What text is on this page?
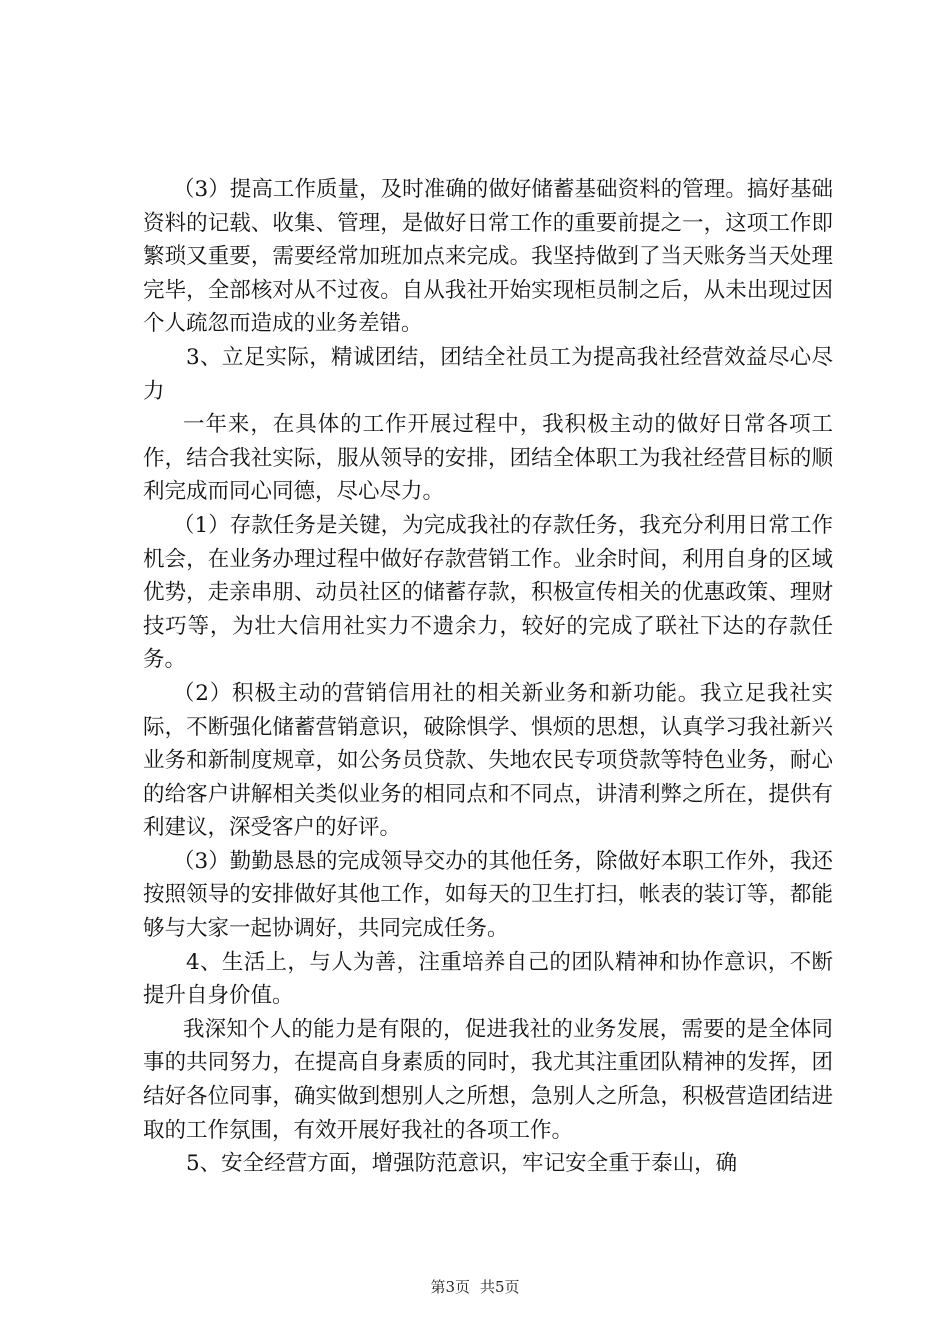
（3）提高工作质量，及时准确的做好储蓄基础资料的管理。搞好基础资料的记载、收集、管理，是做好日常工作的重要前提之一，这项工作即繁琐又重要，需要经常加班加点来完成。我坚持做到了当天账务当天处理完毕，全部核对从不过夜。自从我社开始实现柜员制之后，从未出现过因个人疏忽而造成的业务差错。

3、立足实际，精诚团结，团结全社员工为提高我社经营效益尽心尽力

一年来，在具体的工作开展过程中，我积极主动的做好日常各项工作，结合我社实际，服从领导的安排，团结全体职工为我社经营目标的顺利完成而同心同德，尽心尽力。

（1）存款任务是关键，为完成我社的存款任务，我充分利用日常工作机会，在业务办理过程中做好存款营销工作。业余时间，利用自身的区域优势，走亲串朋、动员社区的储蓄存款，积极宣传相关的优惠政策、理财技巧等，为壮大信用社实力不遗余力，较好的完成了联社下达的存款任务。

（2）积极主动的营销信用社的相关新业务和新功能。我立足我社实际，不断强化储蓄营销意识，破除惧学、惧烦的思想，认真学习我社新兴业务和新制度规章，如公务员贷款、失地农民专项贷款等特色业务，耐心的给客户讲解相关类似业务的相同点和不同点，讲清利弊之所在，提供有利建议，深受客户的好评。

（3）勤勤恳恳的完成领导交办的其他任务，除做好本职工作外，我还按照领导的安排做好其他工作，如每天的卫生打扫，帐表的装订等，都能够与大家一起协调好，共同完成任务。

4、生活上，与人为善，注重培养自己的团队精神和协作意识，不断提升自身价值。

我深知个人的能力是有限的，促进我社的业务发展，需要的是全体同事的共同努力，在提高自身素质的同时，我尤其注重团队精神的发挥，团结好各位同事，确实做到想别人之所想，急别人之所急，积极营造团结进取的工作氛围，有效开展好我社的各项工作。

5、安全经营方面，增强防范意识，牢记安全重于泰山，确

第3页 共5页
